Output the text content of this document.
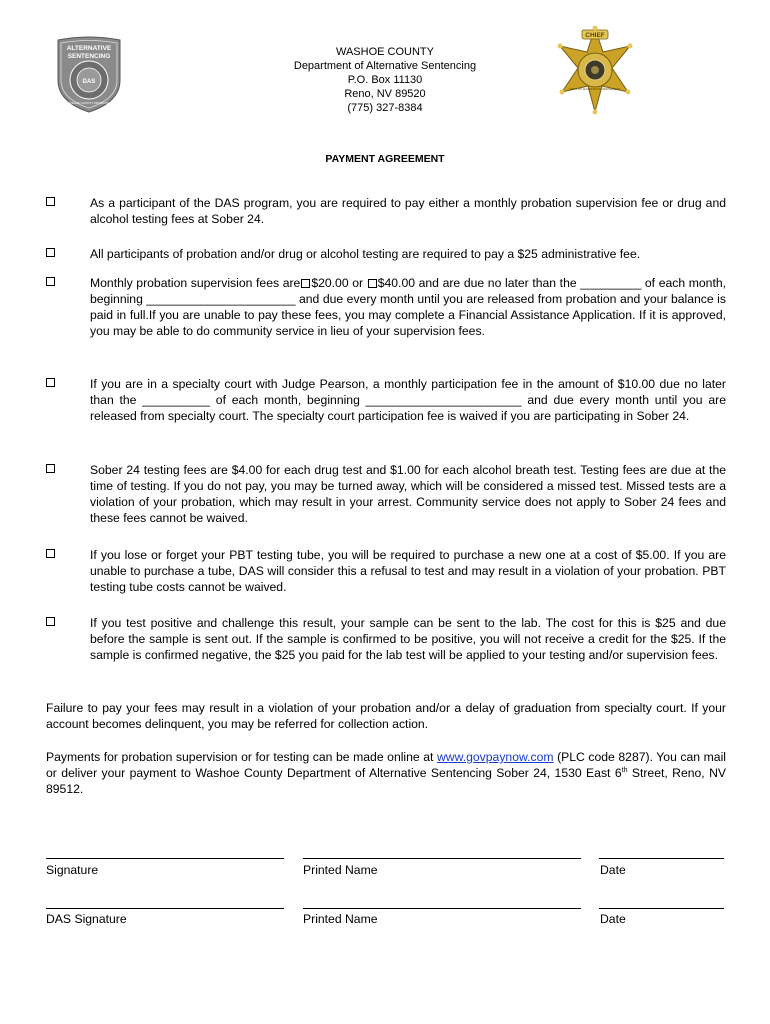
ALTERNATIVE
SENTENCING
DAS
WASHOE COUNTY PROBATION
CHIEF
DEPT. OF ALTERNATIVE SENTENCING
WASHOE COUNTY
Department of Alternative Sentencing
P.O. Box 11130
Reno, NV 89520
(775) 327-8384
PAYMENT AGREEMENT
As a participant of the DAS program, you are required to pay either a monthly probation supervision fee or drug and alcohol testing fees at Sober 24.
All participants of probation and/or drug or alcohol testing are required to pay a $25 administrative fee.
Monthly probation supervision fees are $20.00 or $40.00 and are due no later than the _________ of each month, beginning ______________________ and due every month until you are released from probation and your balance is paid in full.If you are unable to pay these fees, you may complete a Financial Assistance Application. If it is approved, you may be able to do community service in lieu of your supervision fees.
If you are in a specialty court with Judge Pearson, a monthly participation fee in the amount of $10.00 due no later than the __________ of each month, beginning _______________________ and due every month until you are released from specialty court. The specialty court participation fee is waived if you are participating in Sober 24.
Sober 24 testing fees are $4.00 for each drug test and $1.00 for each alcohol breath test. Testing fees are due at the time of testing. If you do not pay, you may be turned away, which will be considered a missed test. Missed tests are a violation of your probation, which may result in your arrest. Community service does not apply to Sober 24 fees and these fees cannot be waived.
If you lose or forget your PBT testing tube, you will be required to purchase a new one at a cost of $5.00. If you are unable to purchase a tube, DAS will consider this a refusal to test and may result in a violation of your probation. PBT testing tube costs cannot be waived.
If you test positive and challenge this result, your sample can be sent to the lab. The cost for this is $25 and due before the sample is sent out. If the sample is confirmed to be positive, you will not receive a credit for the $25. If the sample is confirmed negative, the $25 you paid for the lab test will be applied to your testing and/or supervision fees.
Failure to pay your fees may result in a violation of your probation and/or a delay of graduation from specialty court. If your account becomes delinquent, you may be referred for collection action.
Payments for probation supervision or for testing can be made online at www.govpaynow.com (PLC code 8287). You can mail or deliver your payment to Washoe County Department of Alternative Sentencing Sober 24, 1530 East 6th Street, Reno, NV 89512.
Signature	Printed Name	Date
DAS Signature	Printed Name	Date
